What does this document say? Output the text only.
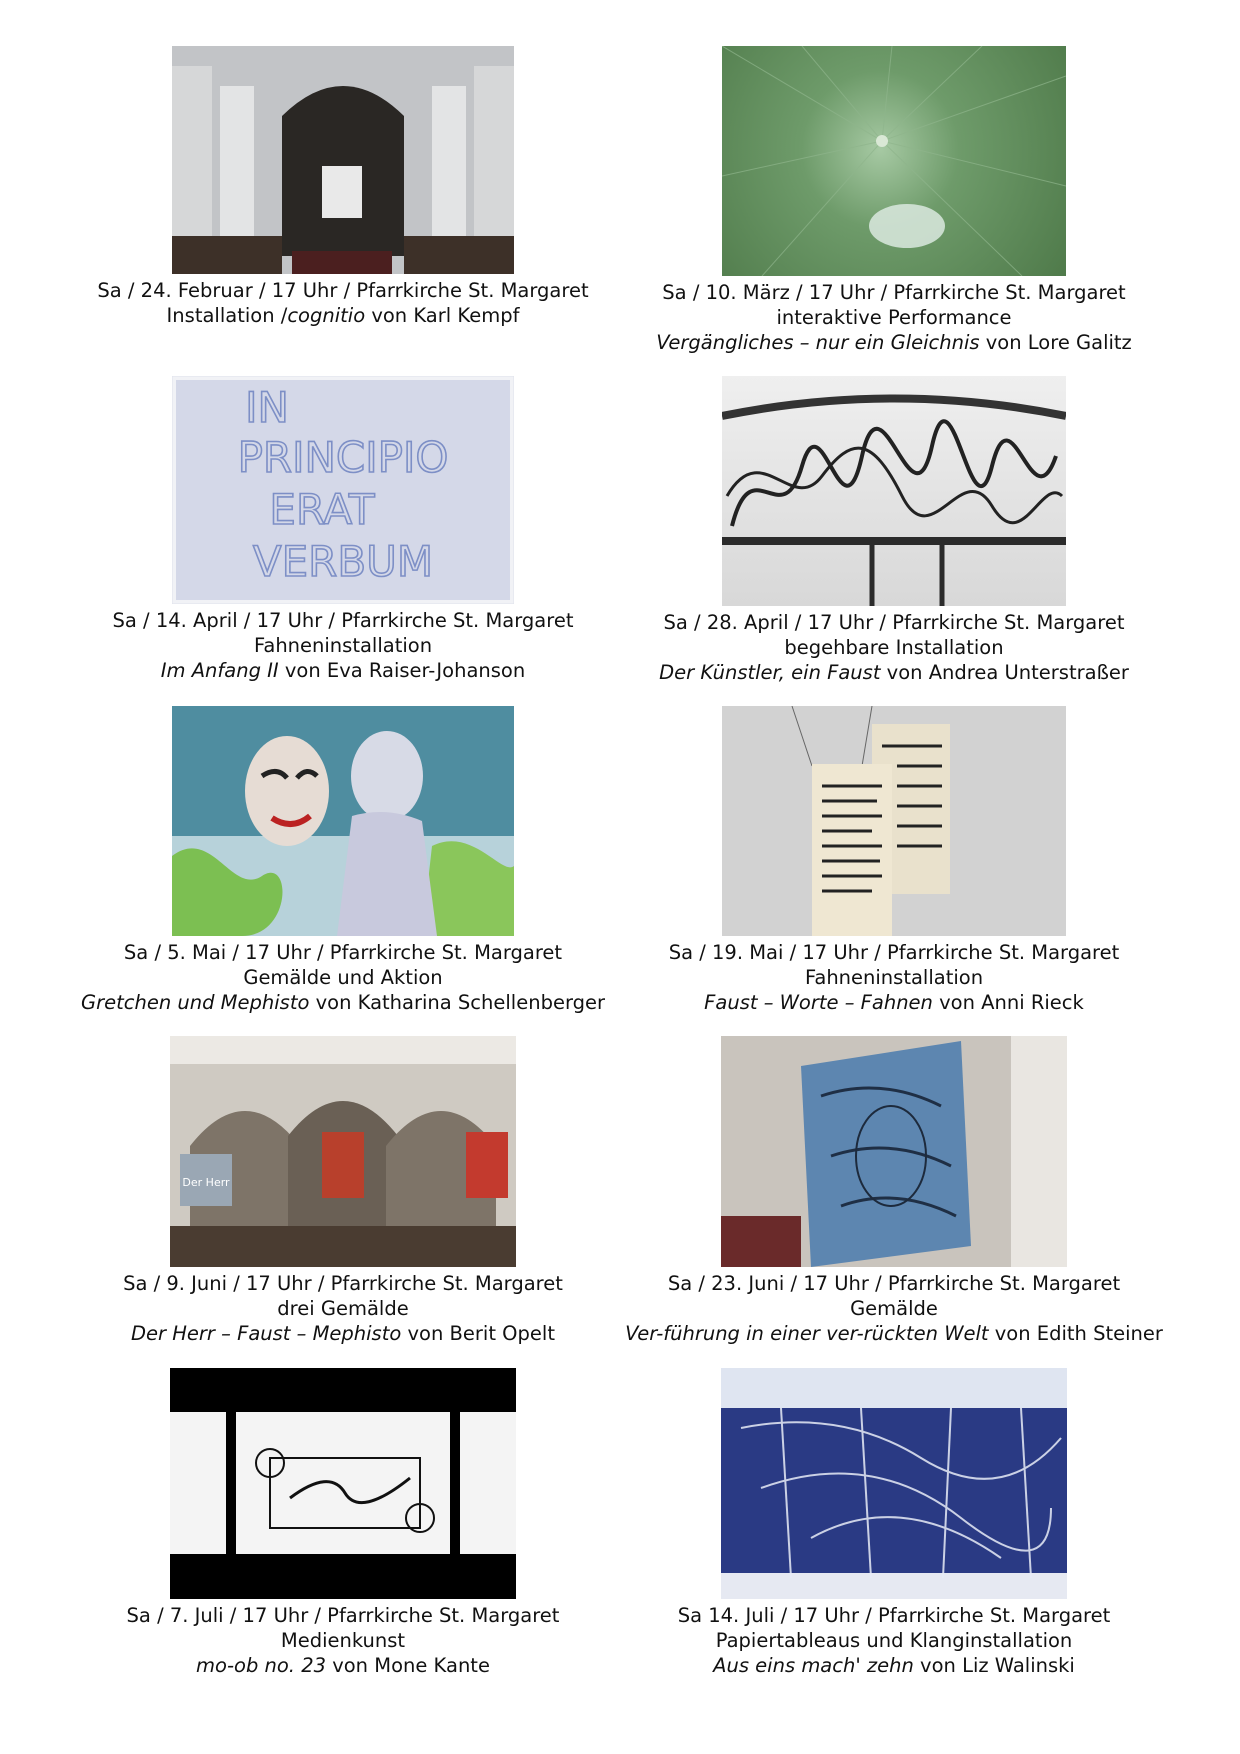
Sa / 24. Februar / 17 Uhr / Pfarrkirche St. Margaret
Installation /cognitio von Karl Kempf
Sa / 10. März / 17 Uhr / Pfarrkirche St. Margaret
interaktive Performance
Vergängliches – nur ein Gleichnis von Lore Galitz
IN
PRINCIPIO
ERAT
VERBUM
Sa / 14. April / 17 Uhr / Pfarrkirche St. Margaret
Fahneninstallation
Im Anfang II von Eva Raiser-Johanson
Sa / 28. April / 17 Uhr / Pfarrkirche St. Margaret
begehbare Installation
Der Künstler, ein Faust von Andrea Unterstraßer
Sa / 5. Mai / 17 Uhr / Pfarrkirche St. Margaret
Gemälde und Aktion
Gretchen und Mephisto von Katharina Schellenberger
Sa / 19. Mai / 17 Uhr / Pfarrkirche St. Margaret
Fahneninstallation
Faust – Worte – Fahnen von Anni Rieck
Der Herr
Sa / 9. Juni / 17 Uhr / Pfarrkirche St. Margaret
drei Gemälde
Der Herr – Faust – Mephisto von Berit Opelt
Sa / 23. Juni / 17 Uhr / Pfarrkirche St. Margaret
Gemälde
Ver-führung in einer ver-rückten Welt von Edith Steiner
Sa / 7. Juli / 17 Uhr / Pfarrkirche St. Margaret
Medienkunst
mo-ob no. 23 von Mone Kante
Sa 14. Juli / 17 Uhr / Pfarrkirche St. Margaret
Papiertableaus und Klanginstallation
Aus eins mach' zehn von Liz Walinski
